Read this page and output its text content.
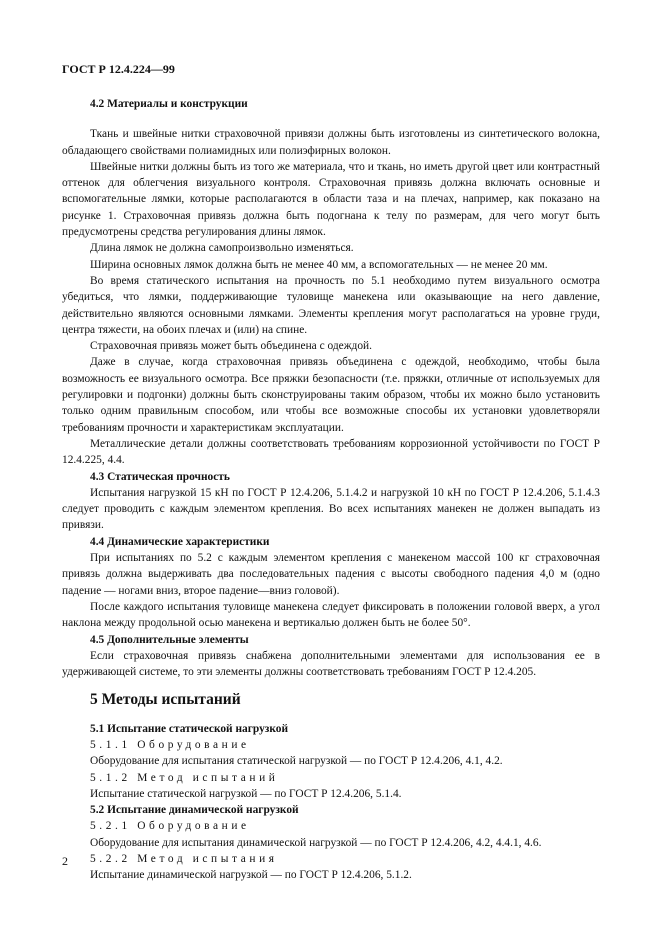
ГОСТ Р 12.4.224—99

4.2 Материалы и конструкции

Ткань и швейные нитки страховочной привязи должны быть изготовлены из синтетического волокна, обладающего свойствами полиамидных или полиэфирных волокон.

Швейные нитки должны быть из того же материала, что и ткань, но иметь другой цвет или контрастный оттенок для облегчения визуального контроля. Страховочная привязь должна включать основные и вспомогательные лямки, которые располагаются в области таза и на плечах, например, как показано на рисунке 1. Страховочная привязь должна быть подогнана к телу по размерам, для чего могут быть предусмотрены средства регулирования длины лямок.

Длина лямок не должна самопроизвольно изменяться.

Ширина основных лямок должна быть не менее 40 мм, а вспомогательных — не менее 20 мм.

Во время статического испытания на прочность по 5.1 необходимо путем визуального осмотра убедиться, что лямки, поддерживающие туловище манекена или оказывающие на него давление, действительно являются основными лямками. Элементы крепления могут располагаться на уровне груди, центра тяжести, на обоих плечах и (или) на спине.

Страховочная привязь может быть объединена с одеждой.

Даже в случае, когда страховочная привязь объединена с одеждой, необходимо, чтобы была возможность ее визуального осмотра. Все пряжки безопасности (т.е. пряжки, отличные от используемых для регулировки и подгонки) должны быть сконструированы таким образом, чтобы их можно было установить только одним правильным способом, или чтобы все возможные способы их установки удовлетворяли требованиям прочности и характеристикам эксплуатации.

Металлические детали должны соответствовать требованиям коррозионной устойчивости по ГОСТ Р 12.4.225, 4.4.

4.3 Статическая прочность

Испытания нагрузкой 15 кН по ГОСТ Р 12.4.206, 5.1.4.2 и нагрузкой 10 кН по ГОСТ Р 12.4.206, 5.1.4.3 следует проводить с каждым элементом крепления. Во всех испытаниях манекен не должен выпадать из привязи.

4.4 Динамические характеристики

При испытаниях по 5.2 с каждым элементом крепления с манекеном массой 100 кг страховочная привязь должна выдерживать два последовательных падения с высоты свободного падения 4,0 м (одно падение — ногами вниз, второе падение—вниз головой).

После каждого испытания туловище манекена следует фиксировать в положении головой вверх, а угол наклона между продольной осью манекена и вертикалью должен быть не более 50°.

4.5 Дополнительные элементы

Если страховочная привязь снабжена дополнительными элементами для использования ее в удерживающей системе, то эти элементы должны соответствовать требованиям ГОСТ Р 12.4.205.

5 Методы испытаний

5.1 Испытание статической нагрузкой

5.1.1 Оборудование

Оборудование для испытания статической нагрузкой — по ГОСТ Р 12.4.206, 4.1, 4.2.

5.1.2 Метод испытаний

Испытание статической нагрузкой — по ГОСТ Р 12.4.206, 5.1.4.

5.2 Испытание динамической нагрузкой

5.2.1 Оборудование

Оборудование для испытания динамической нагрузкой — по ГОСТ Р 12.4.206, 4.2, 4.4.1, 4.6.

5.2.2 Метод испытания

Испытание динамической нагрузкой — по ГОСТ Р 12.4.206, 5.1.2.

2
